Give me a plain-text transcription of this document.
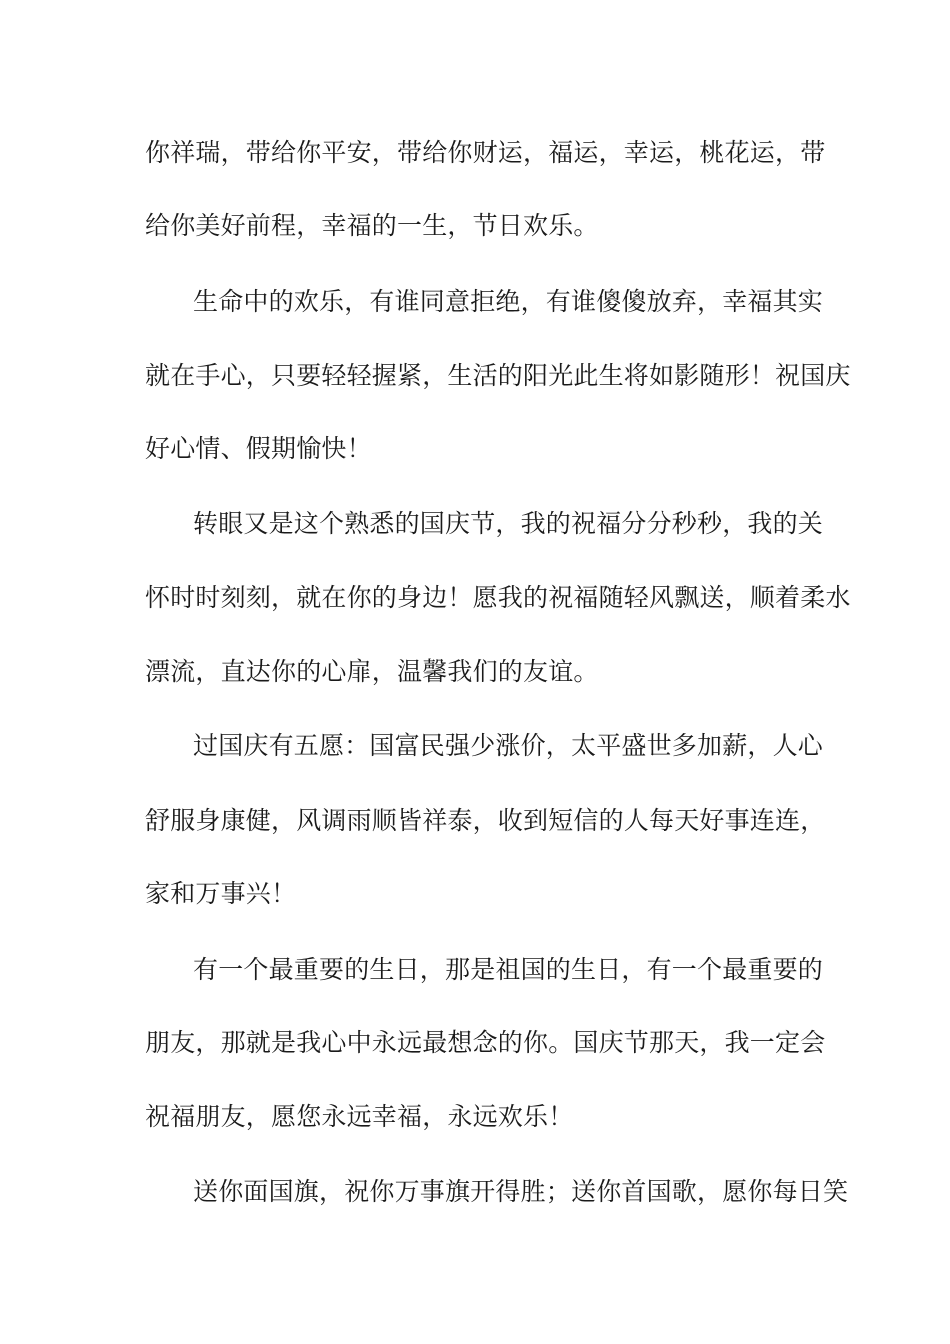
你祥瑞，带给你平安，带给你财运，福运，幸运，桃花运，带
给你美好前程，幸福的一生，节日欢乐。
生命中的欢乐，有谁同意拒绝，有谁傻傻放弃，幸福其实
就在手心，只要轻轻握紧，生活的阳光此生将如影随形！祝国庆
好心情、假期愉快！
转眼又是这个熟悉的国庆节，我的祝福分分秒秒，我的关
怀时时刻刻，就在你的身边！愿我的祝福随轻风飘送，顺着柔水
漂流，直达你的心扉，温馨我们的友谊。
过国庆有五愿：国富民强少涨价，太平盛世多加薪，人心
舒服身康健，风调雨顺皆祥泰，收到短信的人每天好事连连，
家和万事兴！
有一个最重要的生日，那是祖国的生日，有一个最重要的
朋友，那就是我心中永远最想念的你。国庆节那天，我一定会
祝福朋友，愿您永远幸福，永远欢乐！
送你面国旗，祝你万事旗开得胜；送你首国歌，愿你每日笑
